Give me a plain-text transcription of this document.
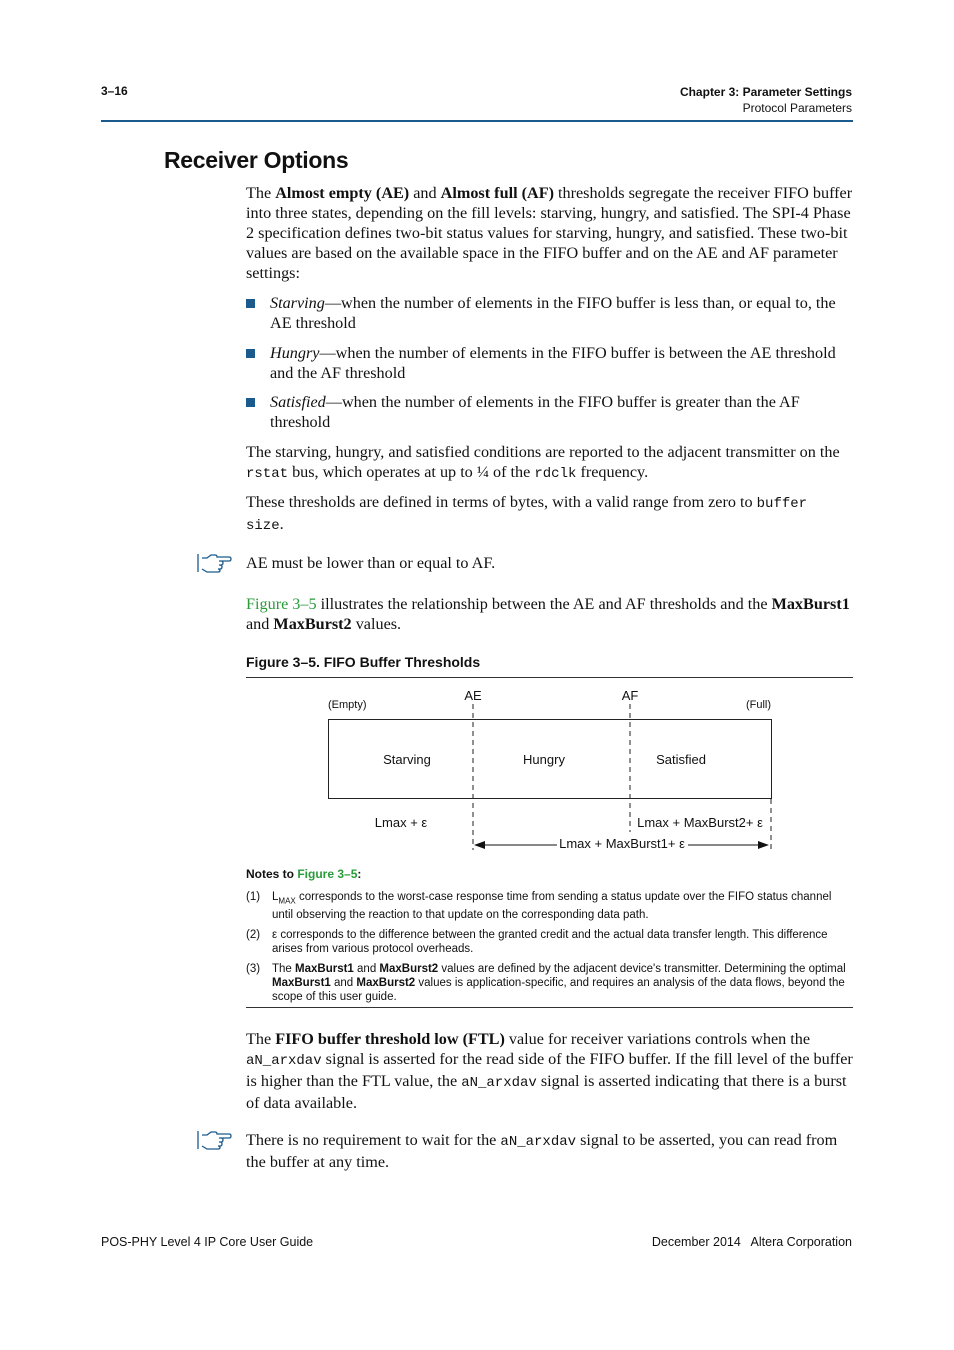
3–16	Chapter 3: Parameter Settings
Protocol Parameters
Receiver Options
The Almost empty (AE) and Almost full (AF) thresholds segregate the receiver FIFO buffer into three states, depending on the fill levels: starving, hungry, and satisfied. The SPI-4 Phase 2 specification defines two-bit status values for starving, hungry, and satisfied. These two-bit values are based on the available space in the FIFO buffer and on the AE and AF parameter settings:
Starving—when the number of elements in the FIFO buffer is less than, or equal to, the AE threshold
Hungry—when the number of elements in the FIFO buffer is between the AE threshold and the AF threshold
Satisfied—when the number of elements in the FIFO buffer is greater than the AF threshold
The starving, hungry, and satisfied conditions are reported to the adjacent transmitter on the rstat bus, which operates at up to ¼ of the rdclk frequency.
These thresholds are defined in terms of bytes, with a valid range from zero to buffer size.
AE must be lower than or equal to AF.
Figure 3–5 illustrates the relationship between the AE and AF thresholds and the MaxBurst1 and MaxBurst2 values.
Figure 3–5. FIFO Buffer Thresholds
(Empty)	(Full)
AE	AF
Starving	Hungry	Satisfied
Lmax + ε	Lmax + MaxBurst2+ ε
Lmax + MaxBurst1+ ε
Notes to Figure 3–5:
(1) $L_{MAX}$ corresponds to the worst-case response time from sending a status update over the FIFO status channel until observing the reaction to that update on the corresponding data path.
(2) ε corresponds to the difference between the granted credit and the actual data transfer length. This difference arises from various protocol overheads.
(3) The MaxBurst1 and MaxBurst2 values are defined by the adjacent device's transmitter. Determining the optimal MaxBurst1 and MaxBurst2 values is application-specific, and requires an analysis of the data flows, beyond the scope of this user guide.
The FIFO buffer threshold low (FTL) value for receiver variations controls when the aN_arxdav signal is asserted for the read side of the FIFO buffer. If the fill level of the buffer is higher than the FTL value, the aN_arxdav signal is asserted indicating that there is a burst of data available.
There is no requirement to wait for the aN_arxdav signal to be asserted, you can read from the buffer at any time.
POS-PHY Level 4 IP Core User Guide	December 2014   Altera Corporation
